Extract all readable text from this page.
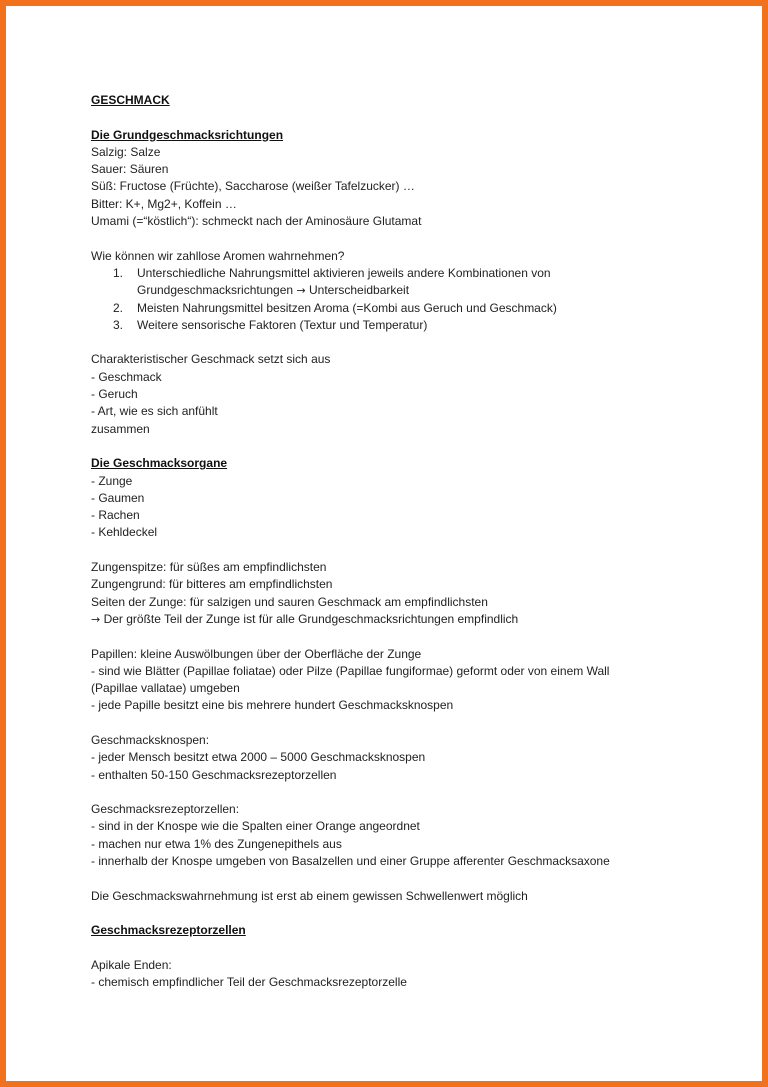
GESCHMACK
Die Grundgeschmacksrichtungen
Salzig: Salze
Sauer: Säuren
Süß: Fructose (Früchte), Saccharose (weißer Tafelzucker) …
Bitter: K+, Mg2+, Koffein …
Umami (=“köstlich“): schmeckt nach der Aminosäure Glutamat
Wie können wir zahllose Aromen wahrnehmen?
1.	Unterschiedliche Nahrungsmittel aktivieren jeweils andere Kombinationen von
Grundgeschmacksrichtungen → Unterscheidbarkeit
2.	Meisten Nahrungsmittel besitzen Aroma (=Kombi aus Geruch und Geschmack)
3.	Weitere sensorische Faktoren (Textur und Temperatur)
Charakteristischer Geschmack setzt sich aus
- Geschmack
- Geruch
- Art, wie es sich anfühlt
zusammen
Die Geschmacksorgane
- Zunge
- Gaumen
- Rachen
- Kehldeckel
Zungenspitze: für süßes am empfindlichsten
Zungengrund: für bitteres am empfindlichsten
Seiten der Zunge: für salzigen und sauren Geschmack am empfindlichsten
→ Der größte Teil der Zunge ist für alle Grundgeschmacksrichtungen empfindlich
Papillen: kleine Auswölbungen über der Oberfläche der Zunge
- sind wie Blätter (Papillae foliatae) oder Pilze (Papillae fungiformae) geformt oder von einem Wall
(Papillae vallatae) umgeben
- jede Papille besitzt eine bis mehrere hundert Geschmacksknospen
Geschmacksknospen:
- jeder Mensch besitzt etwa 2000 – 5000 Geschmacksknospen
- enthalten 50-150 Geschmacksrezeptorzellen
Geschmacksrezeptorzellen:
- sind in der Knospe wie die Spalten einer Orange angeordnet
- machen nur etwa 1% des Zungenepithels aus
- innerhalb der Knospe umgeben von Basalzellen und einer Gruppe afferenter Geschmacksaxone
Die Geschmackswahrnehmung ist erst ab einem gewissen Schwellenwert möglich
Geschmacksrezeptorzellen
Apikale Enden:
- chemisch empfindlicher Teil der Geschmacksrezeptorzelle
